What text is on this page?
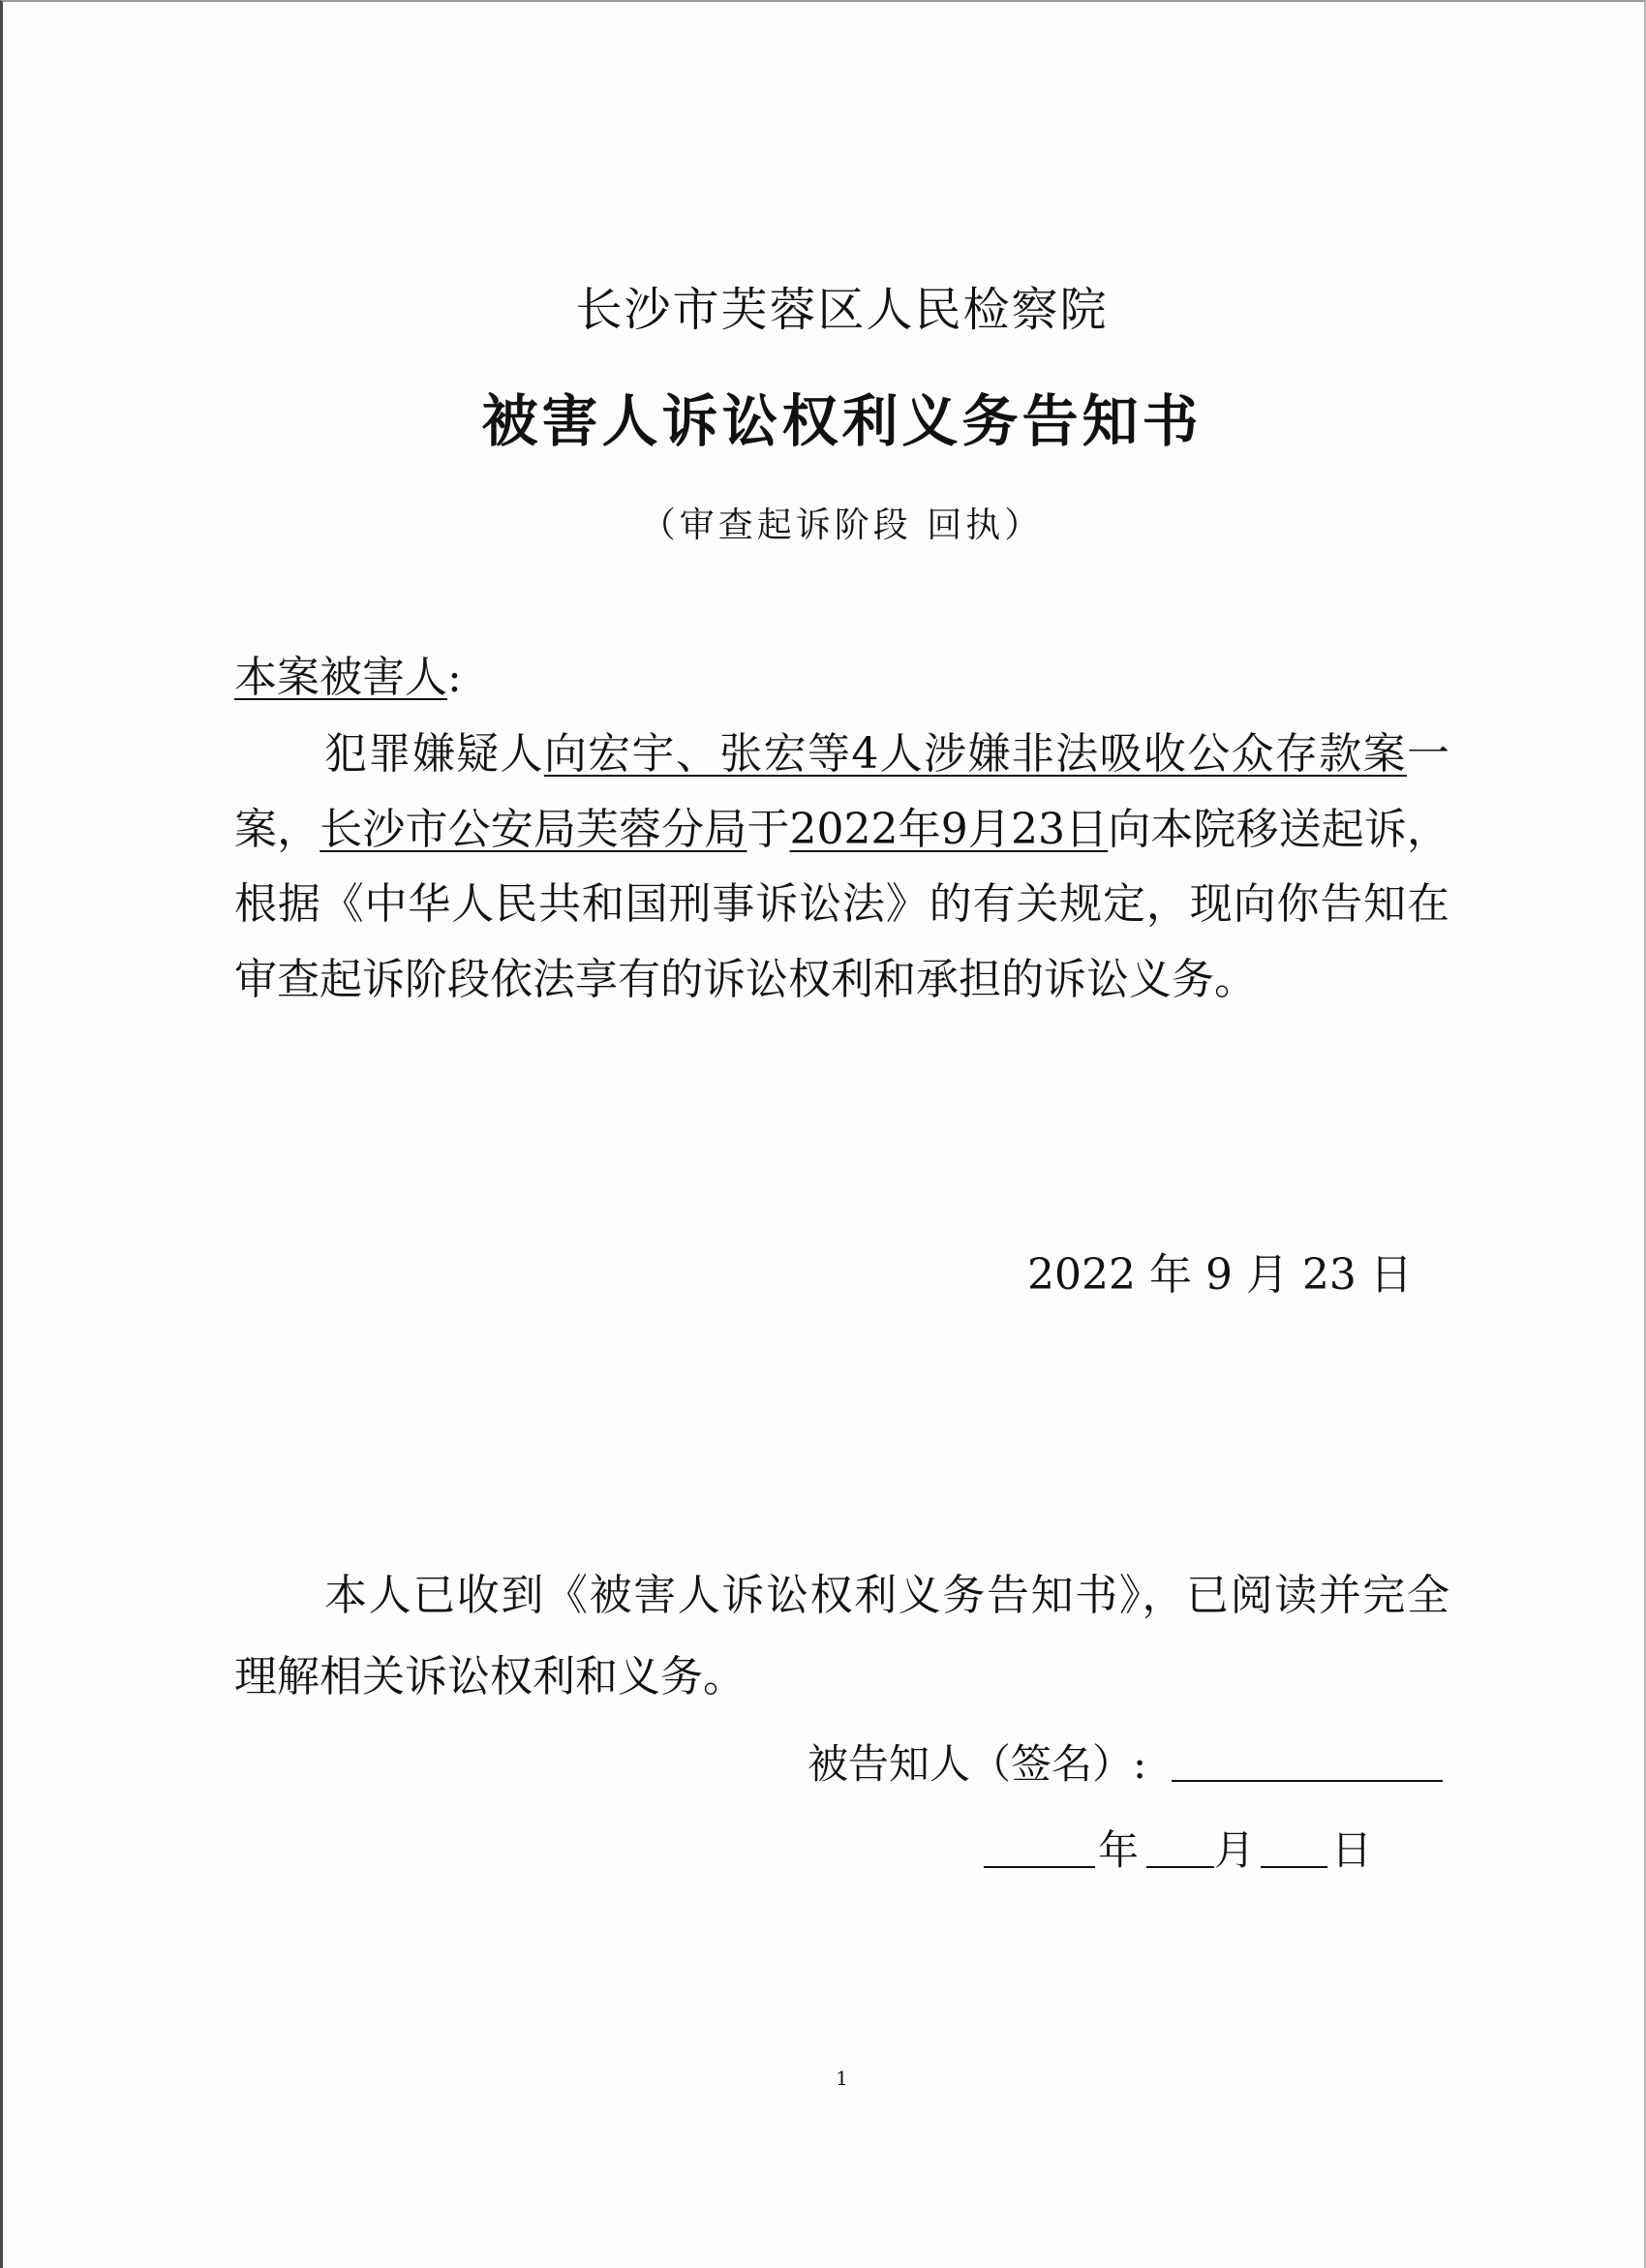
长沙市芙蓉区人民检察院
被害人诉讼权利义务告知书
（审查起诉阶段 回执）
本案被害人:
犯罪嫌疑人向宏宇、张宏等4人涉嫌非法吸收公众存款案一
案，长沙市公安局芙蓉分局于2022年9月23日向本院移送起诉，
根据《中华人民共和国刑事诉讼法》的有关规定，现向你告知在
审查起诉阶段依法享有的诉讼权利和承担的诉讼义务。
2022 年 9 月 23 日
本人已收到《被害人诉讼权利义务告知书》，已阅读并完全
理解相关诉讼权利和义务。
被告知人（签名）:
年 月 日
1
